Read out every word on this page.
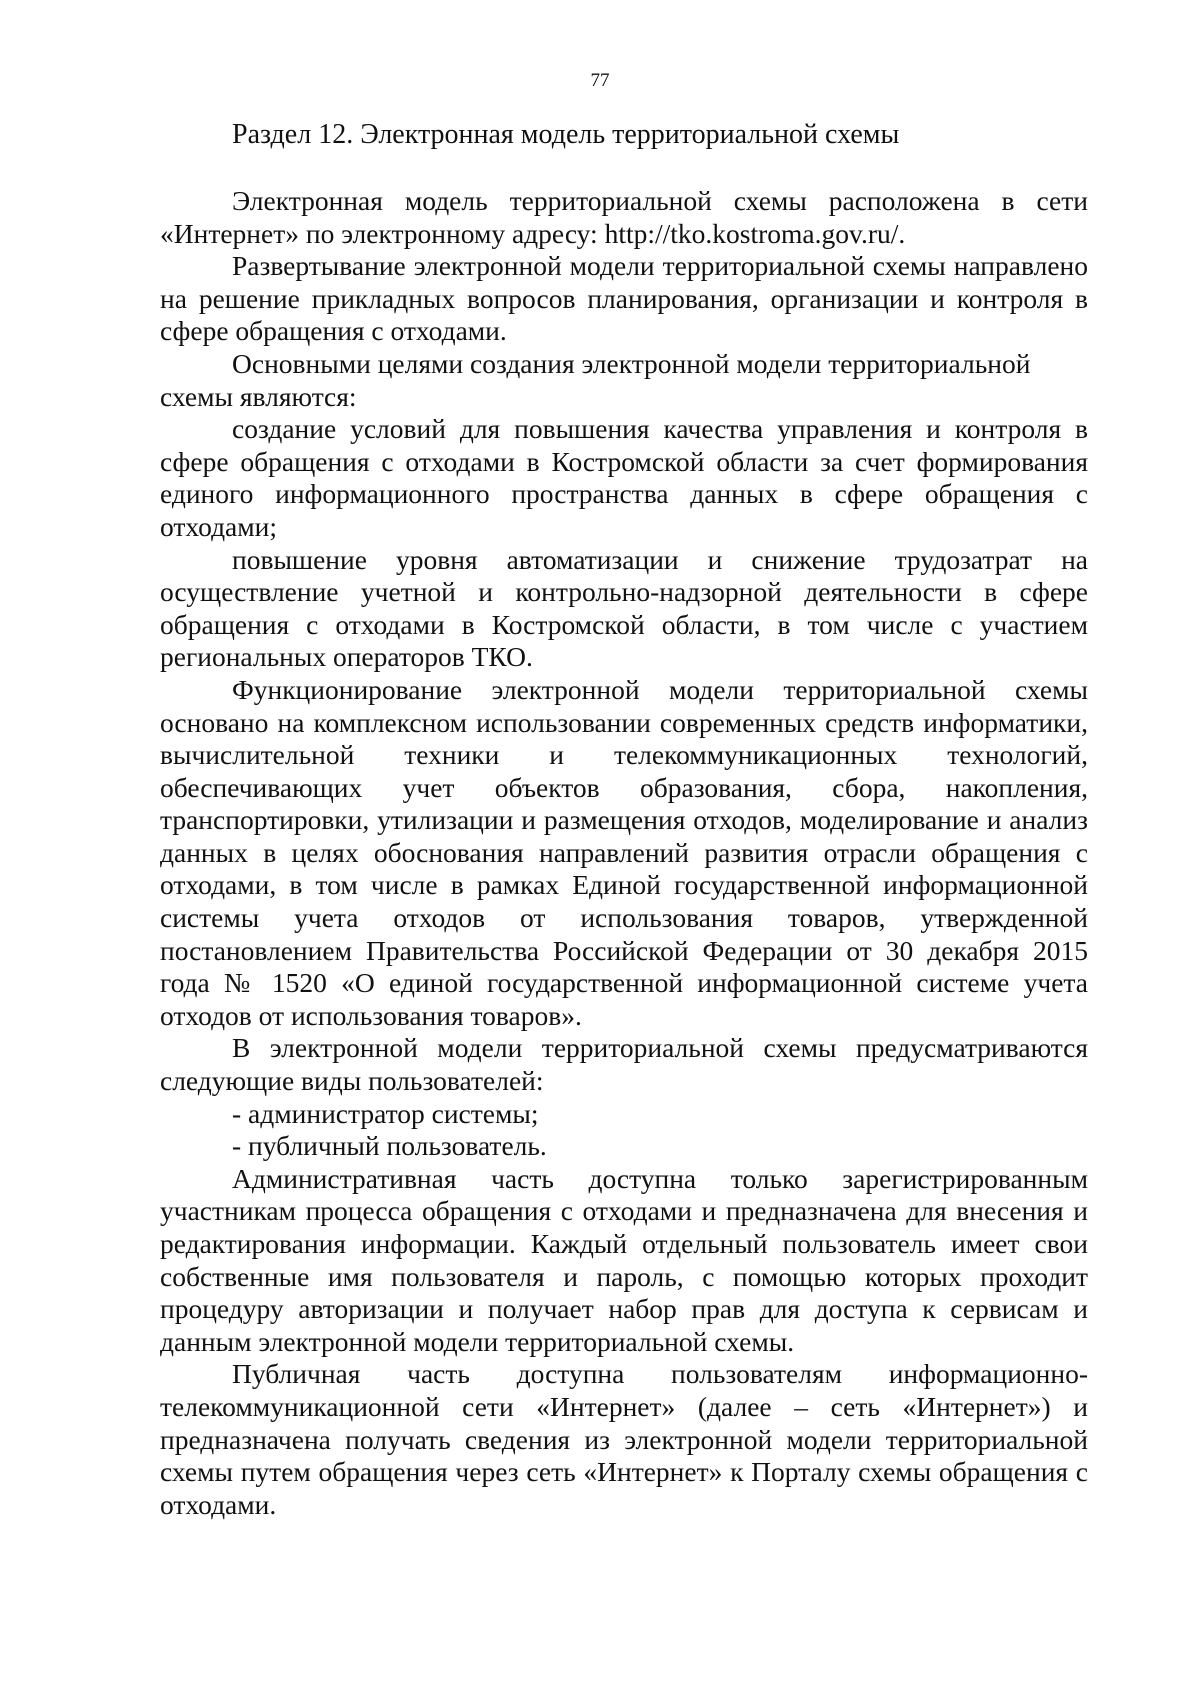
77
Раздел 12. Электронная модель территориальной схемы

Электронная модель территориальной схемы расположена в сети «Интернет» по электронному адресу: http://tko.kostroma.gov.ru/.

Развертывание электронной модели территориальной схемы направлено на решение прикладных вопросов планирования, организации и контроля в сфере обращения с отходами.

Основными целями создания электронной модели территориальной схемы являются:

создание условий для повышения качества управления и контроля в сфере обращения с отходами в Костромской области за счет формирования единого информационного пространства данных в сфере обращения с отходами;

повышение уровня автоматизации и снижение трудозатрат на осуществление учетной и контрольно-надзорной деятельности в сфере обращения с отходами в Костромской области, в том числе с участием региональных операторов ТКО.

Функционирование электронной модели территориальной схемы основано на комплексном использовании современных средств информатики, вычислительной техники и телекоммуникационных технологий, обеспечивающих учет объектов образования, сбора, накопления, транспортировки, утилизации и размещения отходов, моделирование и анализ данных в целях обоснования направлений развития отрасли обращения с отходами, в том числе в рамках Единой государственной информационной системы учета отходов от использования товаров, утвержденной постановлением Правительства Российской Федерации от 30 декабря 2015 года № 1520 «О единой государственной информационной системе учета отходов от использования товаров».

В электронной модели территориальной схемы предусматриваются следующие виды пользователей:

- администратор системы;

- публичный пользователь.

Административная часть доступна только зарегистрированным участникам процесса обращения с отходами и предназначена для внесения и редактирования информации. Каждый отдельный пользователь имеет свои собственные имя пользователя и пароль, с помощью которых проходит процедуру авторизации и получает набор прав для доступа к сервисам и данным электронной модели территориальной схемы.

Публичная часть доступна пользователям информационно-телекоммуникационной сети «Интернет» (далее – сеть «Интернет») и предназначена получать сведения из электронной модели территориальной схемы путем обращения через сеть «Интернет» к Порталу схемы обращения с отходами.
